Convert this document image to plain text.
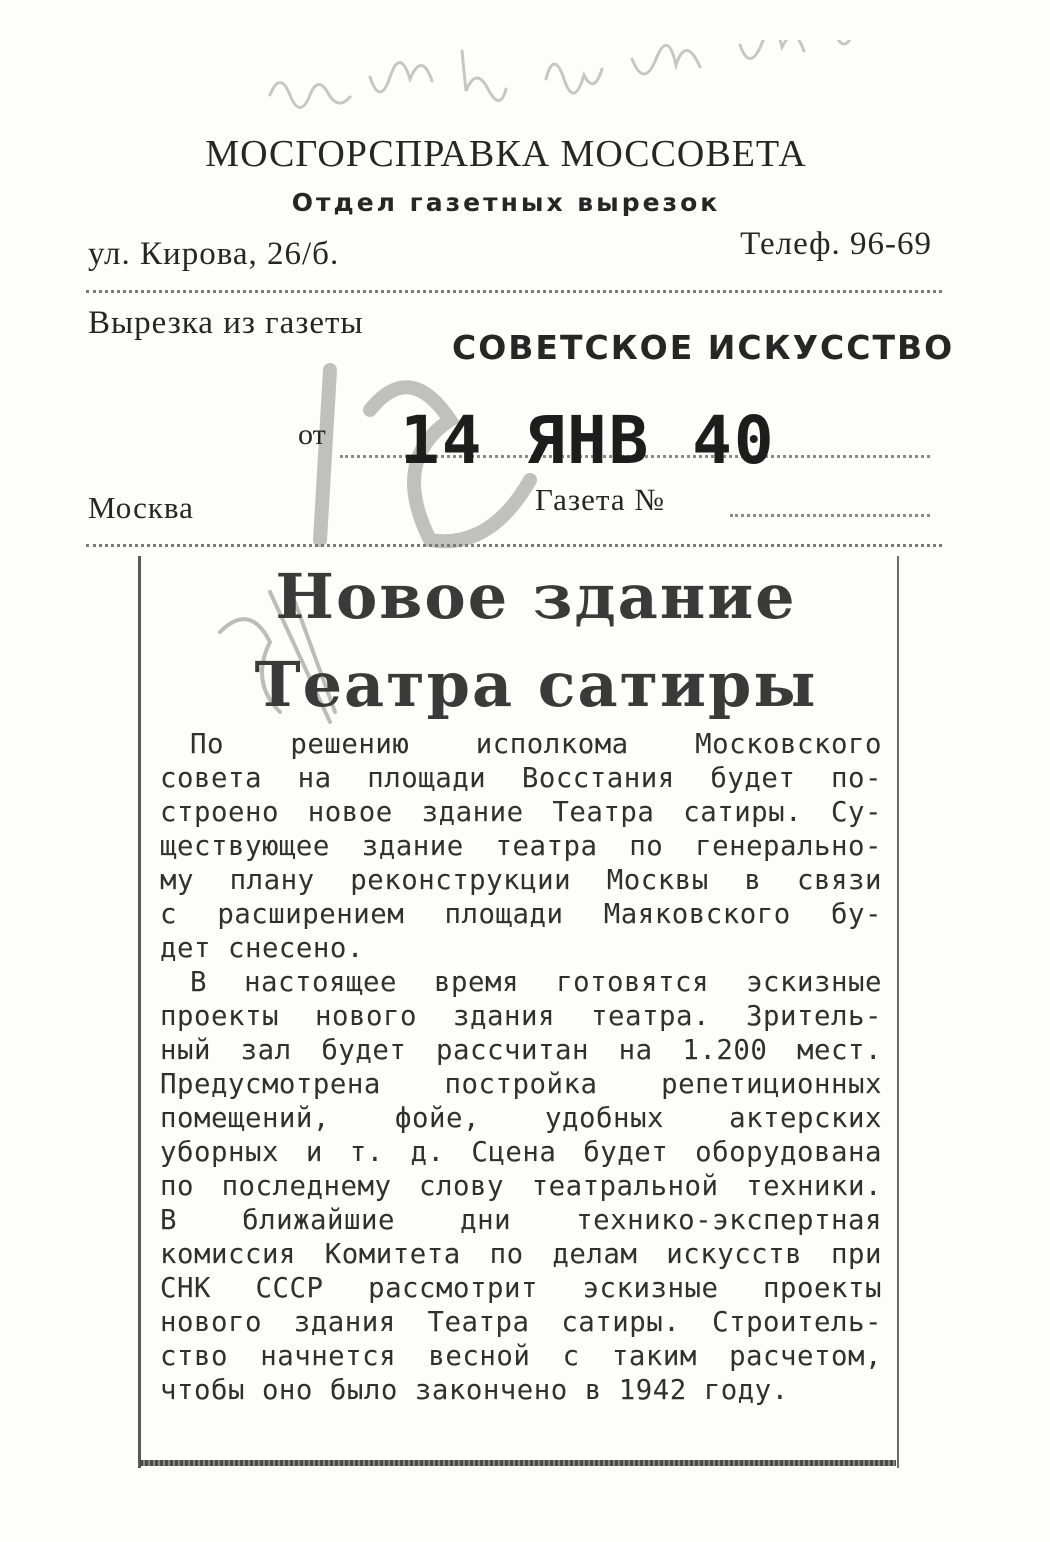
МОСГОРСПРАВКА МОССОВЕТА
Отдел газетных вырезок
ул. Кирова, 26/б.	Телеф. 96-69
Вырезка из газеты
СОВЕТСКОЕ ИСКУССТВО
от 14 ЯНВ 40
Москва	Газета №
Новое здание
Театра сатиры
По решению исполкома Московского
совета на площади Восстания будет по-
строено новое здание Театра сатиры. Су-
ществующее здание театра по генерально-
му плану реконструкции Москвы в связи
с расширением площади Маяковского бу-
дет снесено.
В настоящее время готовятся эскизные
проекты нового здания театра. Зритель-
ный зал будет рассчитан на 1.200 мест.
Предусмотрена постройка репетиционных
помещений, фойе, удобных актерских
уборных и т. д. Сцена будет оборудована
по последнему слову театральной техники.
В ближайшие дни технико-экспертная
комиссия Комитета по делам искусств при
СНК СССР рассмотрит эскизные проекты
нового здания Театра сатиры. Строитель-
ство начнется весной с таким расчетом,
чтобы оно было закончено в 1942 году.
